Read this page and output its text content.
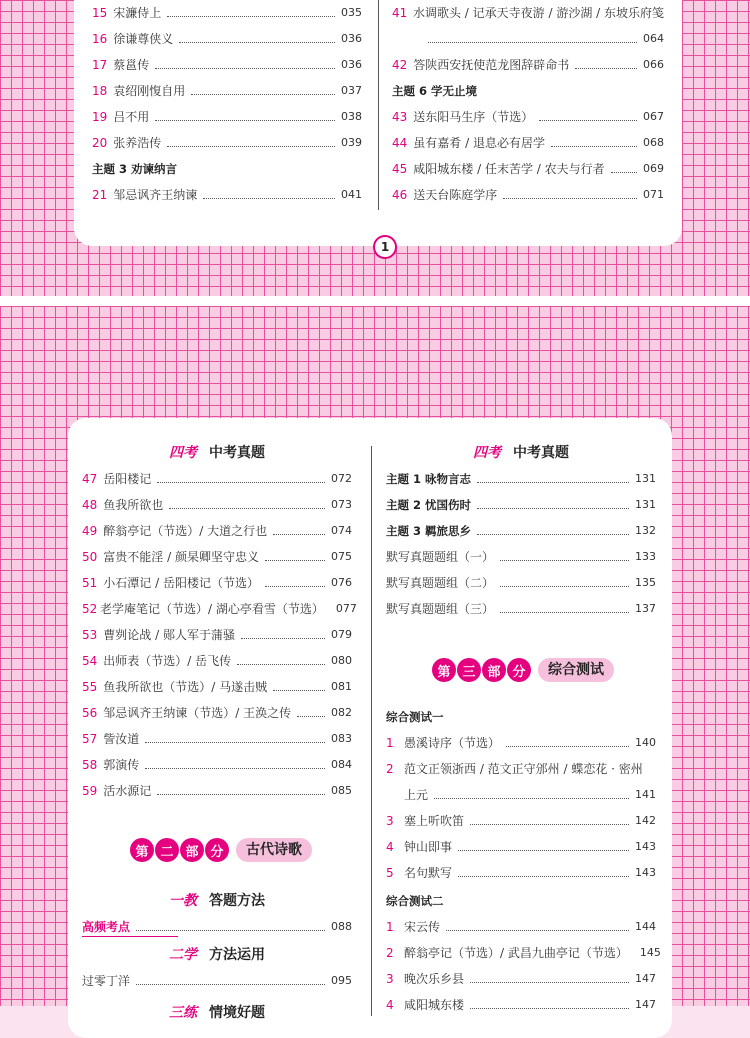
15 宋濂侍上	035
16 徐谦尊侠义	036
17 蔡邕传	036
18 袁绍刚愎自用	037
19 吕不用	038
20 张养浩传	039
主题 3 劝谏纳言
21 邹忌讽齐王纳谏	041
41 水调歌头 / 记承天寺夜游 / 游沙湖 / 东坡乐府笺
064
42 答陕西安抚使范龙图辞辟命书	066
主题 6 学无止境
43 送东阳马生序（节选）	067
44 虽有嘉肴 / 退息必有居学	068
45 咸阳城东楼 / 任末苦学 / 农夫与行者	069
46 送天台陈庭学序	071
1
四考 中考真题
47 岳阳楼记	072
48 鱼我所欲也	073
49 醉翁亭记（节选）/ 大道之行也	074
50 富贵不能淫 / 颜杲卿坚守忠义	075
51 小石潭记 / 岳阳楼记（节选）	076
52 老学庵笔记（节选）/ 湖心亭看雪（节选） 077
53 曹刿论战 / 郧人军于蒲骚	079
54 出师表（节选）/ 岳飞传	080
55 鱼我所欲也（节选）/ 马遂击贼	081
56 邹忌讽齐王纳谏（节选）/ 王涣之传	082
57 訾汝道	083
58 郭演传	084
59 活水源记	085
第 二 部 分	古代诗歌
一教 答题方法
高频考点	088
二学 方法运用
过零丁洋	095
三练 情境好题
四考 中考真题
主题 1 咏物言志	131
主题 2 忧国伤时	131
主题 3 羁旅思乡	132
默写真题题组（一）	133
默写真题题组（二）	135
默写真题题组（三）	137
第 三 部 分	综合测试
综合测试一
1 愚溪诗序（节选）	140
2 范文正领浙西 / 范文正守邠州 / 蝶恋花 · 密州
上元	141
3 塞上听吹笛	142
4 钟山即事	143
5 名句默写	143
综合测试二
1 宋云传	144
2 醉翁亭记（节选）/ 武昌九曲亭记（节选） 145
3 晚次乐乡县	147
4 咸阳城东楼	147
